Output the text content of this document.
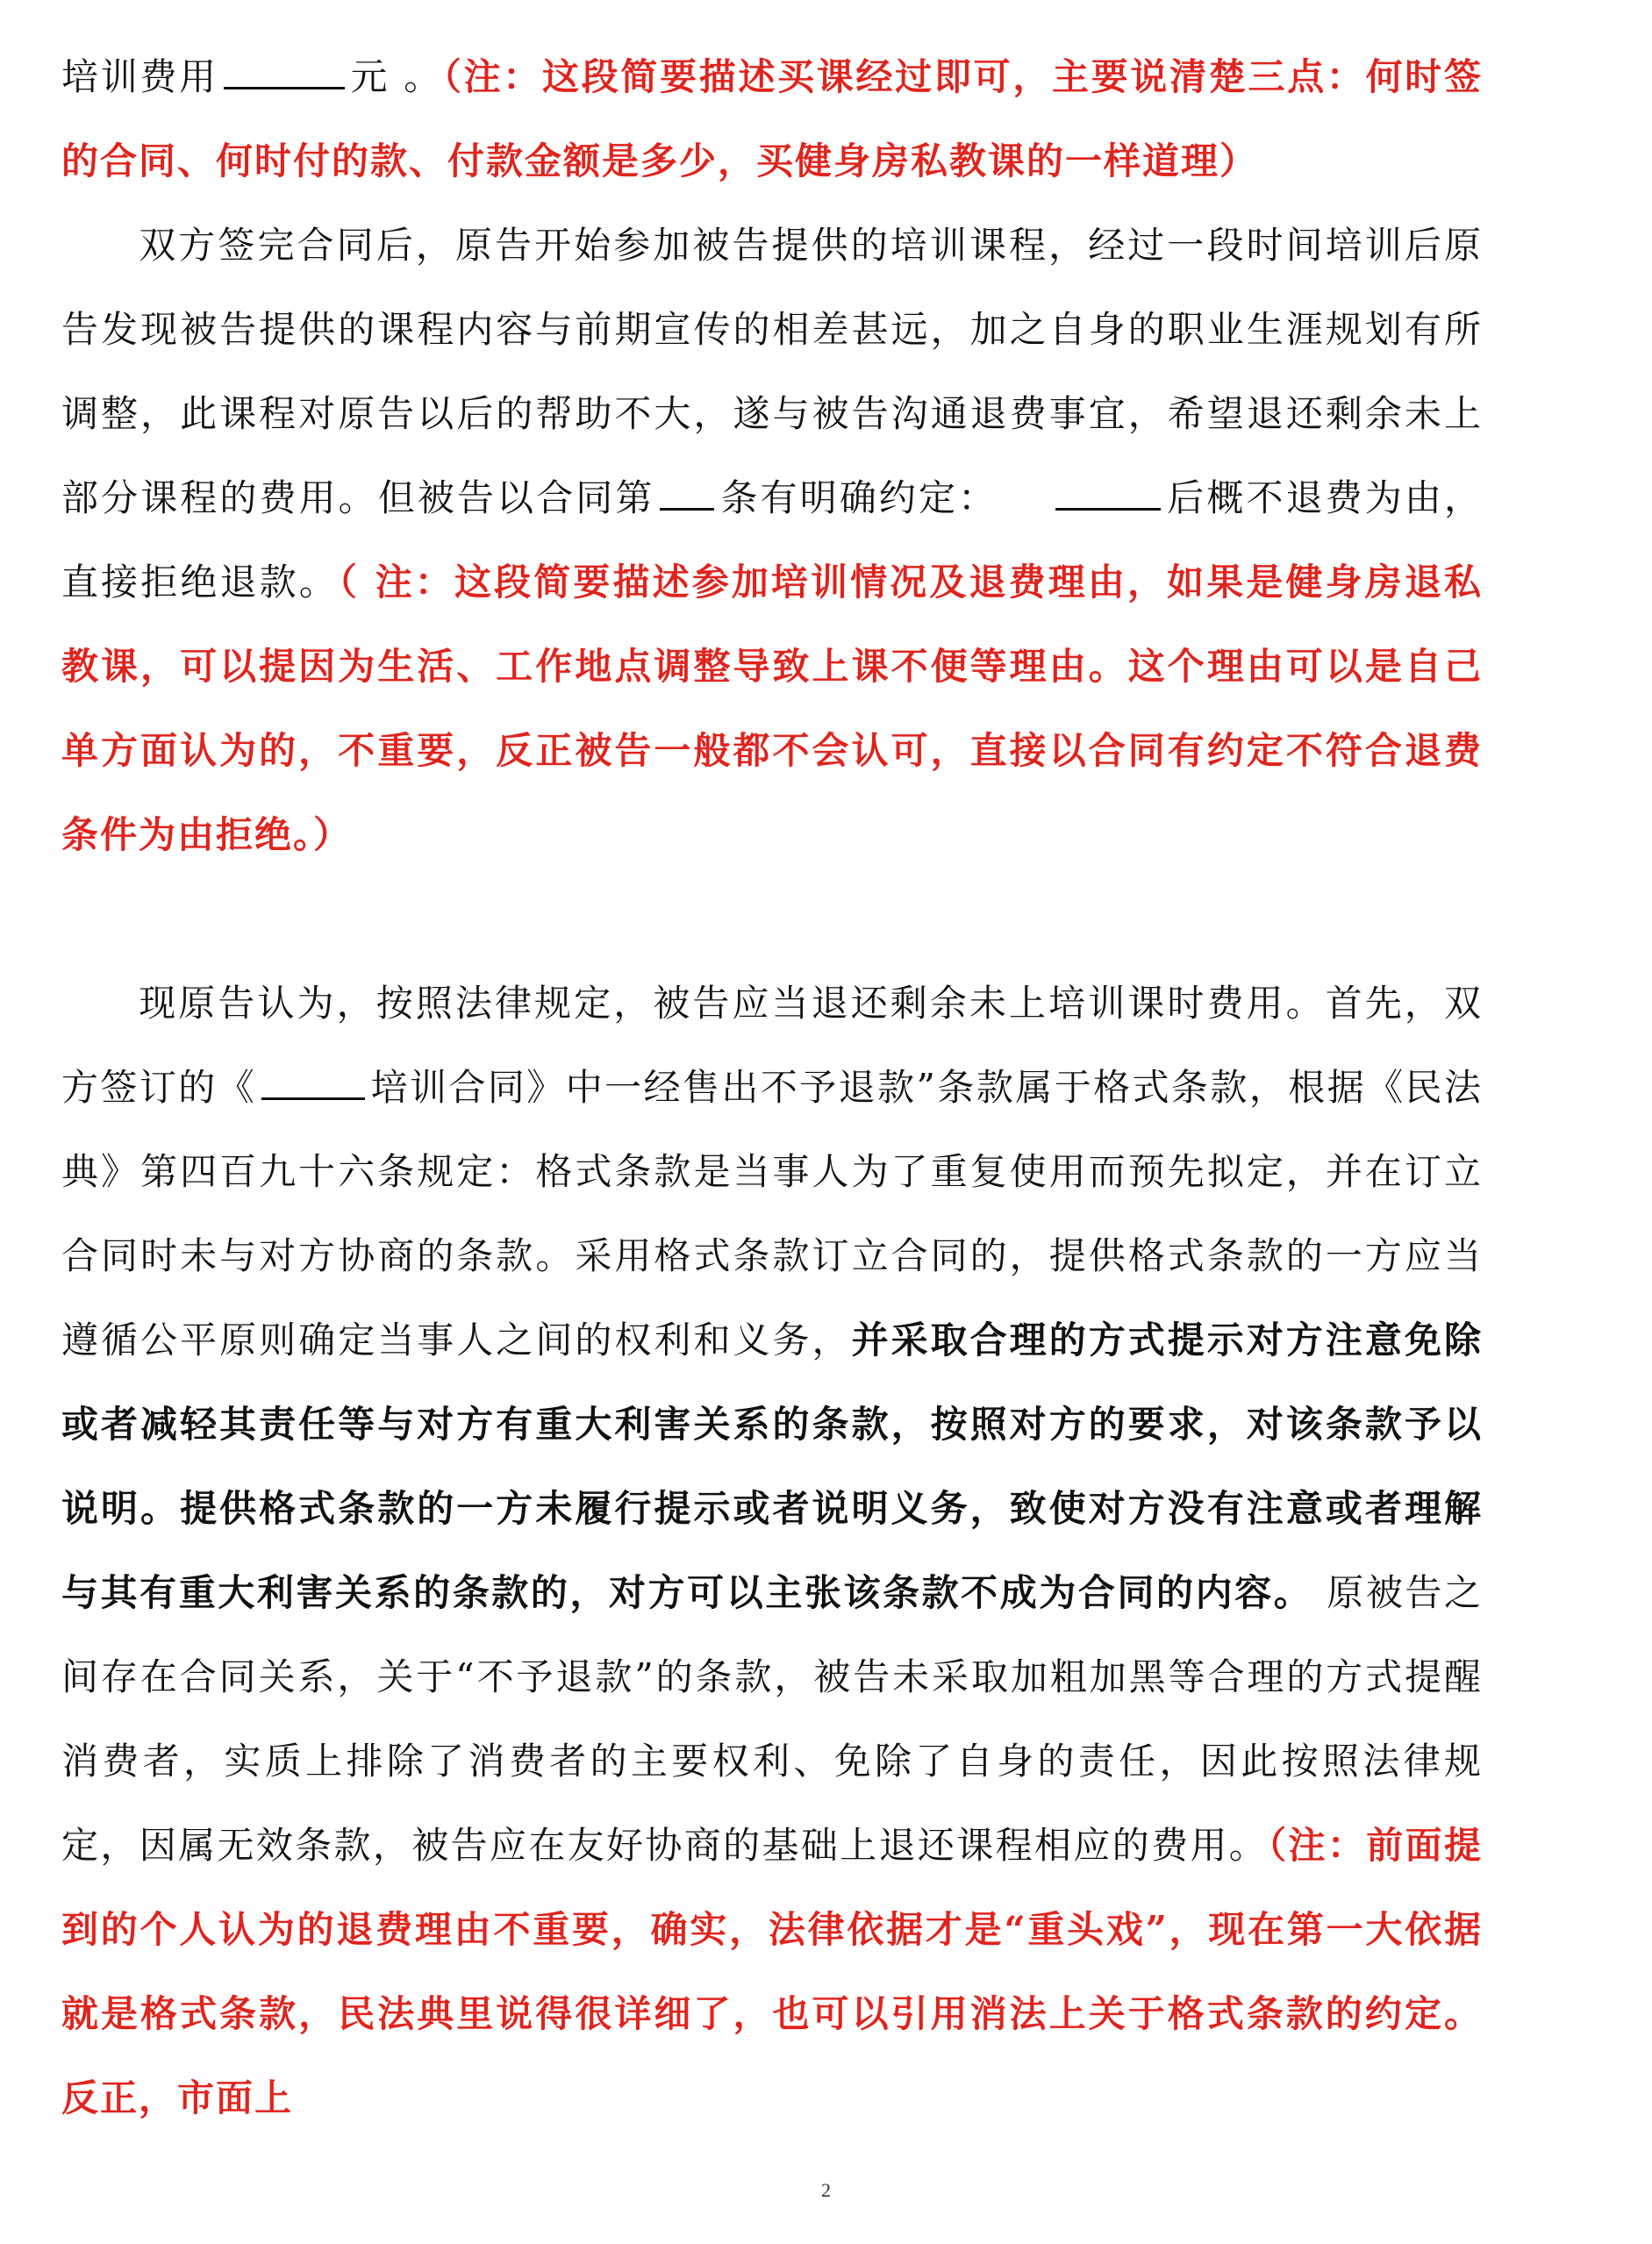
培训费用	元 。（注：这段简要描述买课经过即可，主要说清楚三点：何时签的合同、何时付的款、付款金额是多少，买健身房私教课的一样道理）

双方签完合同后，原告开始参加被告提供的培训课程，经过一段时间培训后原告发现被告提供的课程内容与前期宣传的相差甚远，加之自身的职业生涯规划有所调整，此课程对原告以后的帮助不大，遂与被告沟通退费事宜，希望退还剩余未上部分课程的费用。但被告以合同第 条有明确约定：	后概不退费为由，直接拒绝退款。（ 注：这段简要描述参加培训情况及退费理由，如果是健身房退私教课，可以提因为生活、工作地点调整导致上课不便等理由。这个理由可以是自己单方面认为的，不重要，反正被告一般都不会认可，直接以合同有约定不符合退费条件为由拒绝。）

现原告认为，按照法律规定，被告应当退还剩余未上培训课时费用。首先，双方签订的《	培训合同》中一经售出不予退款”条款属于格式条款，根据《民法典》第四百九十六条规定：格式条款是当事人为了重复使用而预先拟定，并在订立合同时未与对方协商的条款。采用格式条款订立合同的，提供格式条款的一方应当遵循公平原则确定当事人之间的权利和义务，并采取合理的方式提示对方注意免除或者减轻其责任等与对方有重大利害关系的条款，按照对方的要求，对该条款予以说明。提供格式条款的一方未履行提示或者说明义务，致使对方没有注意或者理解与其有重大利害关系的条款的，对方可以主张该条款不成为合同的内容。 原被告之间存在合同关系，关于“不予退款”的条款，被告未采取加粗加黑等合理的方式提醒消费者，实质上排除了消费者的主要权利、免除了自身的责任，因此按照法律规定，因属无效条款，被告应在友好协商的基础上退还课程相应的费用。（注：前面提到的个人认为的退费理由不重要，确实，法律依据才是“重头戏”，现在第一大依据就是格式条款，民法典里说得很详细了，也可以引用消法上关于格式条款的约定。反正，市面上

2
